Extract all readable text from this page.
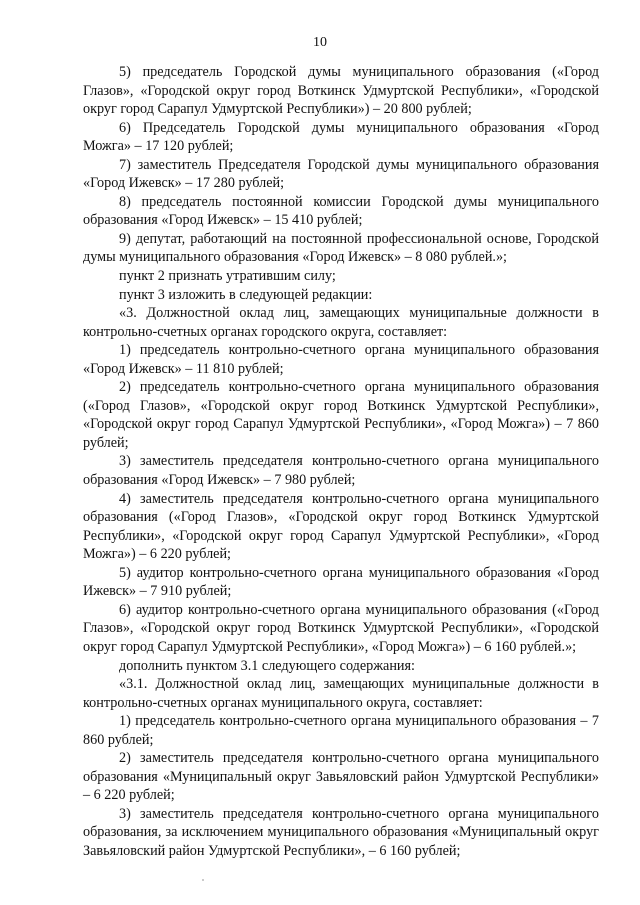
10

5) председатель Городской думы муниципального образования («Город Глазов», «Городской округ город Воткинск Удмуртской Республики», «Городской округ город Сарапул Удмуртской Республики») – 20 800 рублей;

6) Председатель Городской думы муниципального образования «Город Можга» – 17 120 рублей;

7) заместитель Председателя Городской думы муниципального образования «Город Ижевск» – 17 280 рублей;

8) председатель постоянной комиссии Городской думы муниципального образования «Город Ижевск» – 15 410 рублей;

9) депутат, работающий на постоянной профессиональной основе, Городской думы муниципального образования «Город Ижевск» – 8 080 рублей.»;

пункт 2 признать утратившим силу;

пункт 3 изложить в следующей редакции:

«3. Должностной оклад лиц, замещающих муниципальные должности в контрольно-счетных органах городского округа, составляет:

1) председатель контрольно-счетного органа муниципального образования «Город Ижевск» – 11 810 рублей;

2) председатель контрольно-счетного органа муниципального образования («Город Глазов», «Городской округ город Воткинск Удмуртской Республики», «Городской округ город Сарапул Удмуртской Республики», «Город Можга») – 7 860 рублей;

3) заместитель председателя контрольно-счетного органа муниципального образования «Город Ижевск» – 7 980 рублей;

4) заместитель председателя контрольно-счетного органа муниципального образования («Город Глазов», «Городской округ город Воткинск Удмуртской Республики», «Городской округ город Сарапул Удмуртской Республики», «Город Можга») – 6 220 рублей;

5) аудитор контрольно-счетного органа муниципального образования «Город Ижевск» – 7 910 рублей;

6) аудитор контрольно-счетного органа муниципального образования («Город Глазов», «Городской округ город Воткинск Удмуртской Республики», «Городской округ город Сарапул Удмуртской Республики», «Город Можга») – 6 160 рублей.»;

дополнить пунктом 3.1 следующего содержания:

«3.1. Должностной оклад лиц, замещающих муниципальные должности в контрольно-счетных органах муниципального округа, составляет:

1) председатель контрольно-счетного органа муниципального образования – 7 860 рублей;

2) заместитель председателя контрольно-счетного органа муниципального образования «Муниципальный округ Завьяловский район Удмуртской Республики» – 6 220 рублей;

3) заместитель председателя контрольно-счетного органа муниципального образования, за исключением муниципального образования «Муниципальный округ Завьяловский район Удмуртской Республики», – 6 160 рублей;
